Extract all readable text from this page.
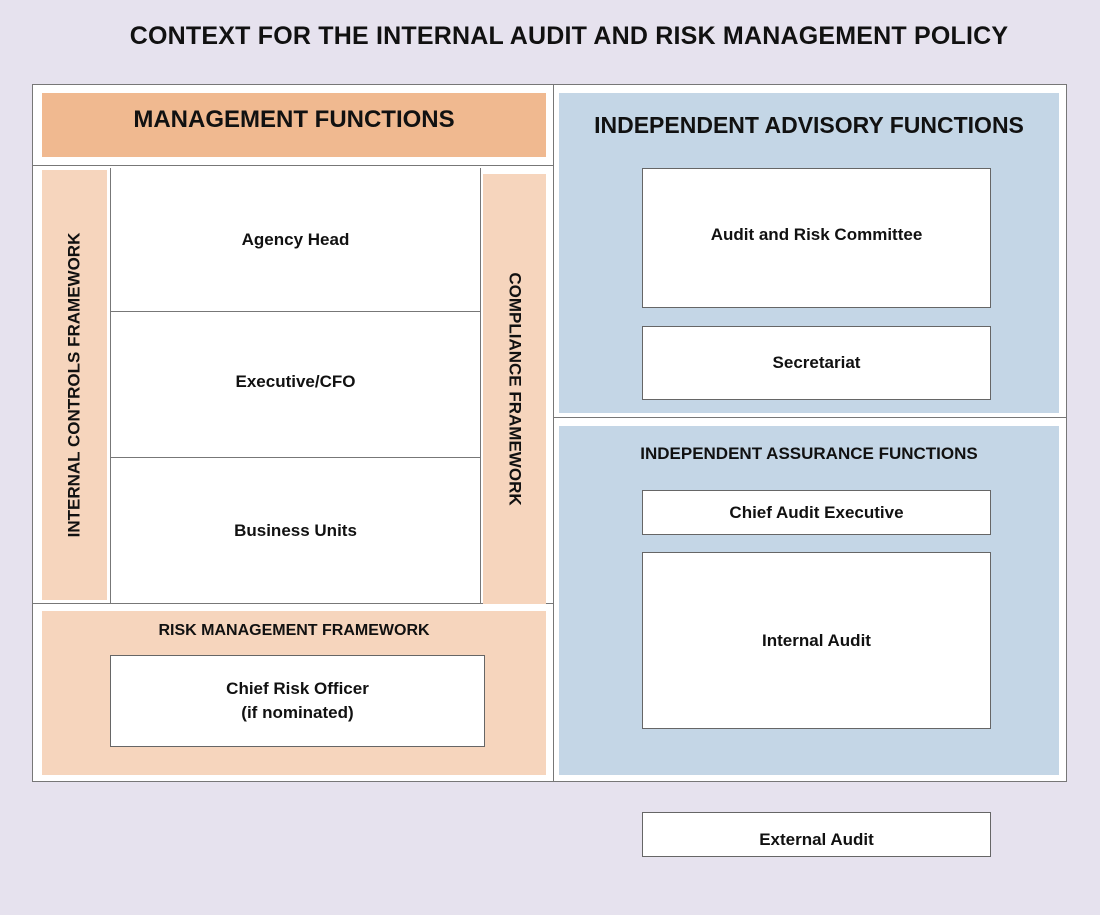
CONTEXT FOR THE INTERNAL AUDIT AND RISK MANAGEMENT POLICY
MANAGEMENT FUNCTIONS
INTERNAL CONTROLS FRAMEWORK	COMPLIANCE FRAMEWORK
Agency Head
Executive/CFO
Business Units
RISK MANAGEMENT FRAMEWORK
Chief Risk Officer
(if nominated)
INDEPENDENT ADVISORY FUNCTIONS
Audit and Risk Committee
Secretariat
INDEPENDENT ASSURANCE FUNCTIONS
Chief Audit Executive
Internal Audit
External Audit
